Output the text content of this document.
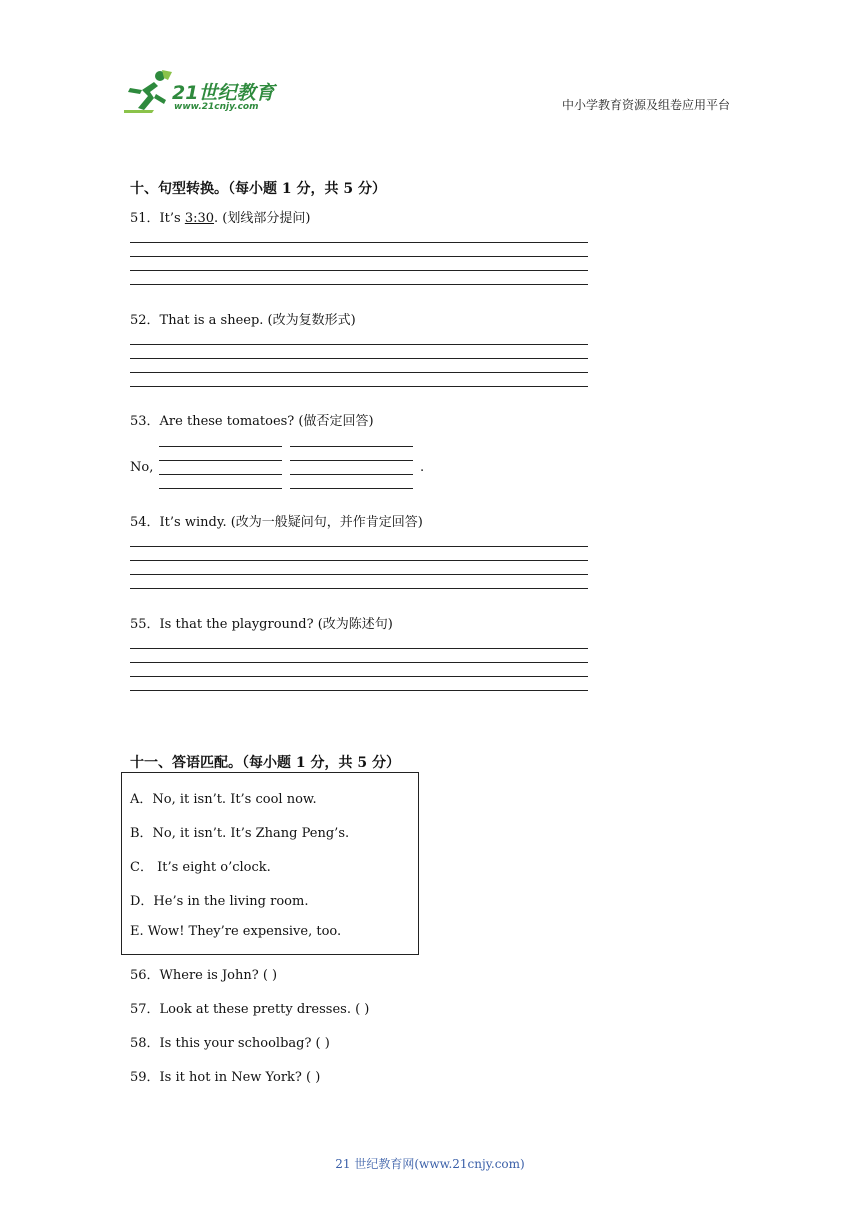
21世纪教育
www.21cnjy.com	中小学教育资源及组卷应用平台
十、句型转换。（每小题 1 分，共 5 分）
51．It’s 3:30. (划线部分提问)
52．That is a sheep. (改为复数形式)
53．Are these tomatoes? (做否定回答)
No,	.
54．It’s windy. (改为一般疑问句，并作肯定回答)
55．Is that the playground? (改为陈述句)
十一、答语匹配。（每小题 1 分，共 5 分）
A．No, it isn’t. It’s cool now.
B．No, it isn’t. It’s Zhang Peng’s.
C． It’s eight o’clock.
D．He’s in the living room.
E. Wow! They’re expensive, too.
56．Where is John? ( )
57．Look at these pretty dresses. ( )
58．Is this your schoolbag? ( )
59．Is it hot in New York? ( )
21 世纪教育网(www.21cnjy.com)
